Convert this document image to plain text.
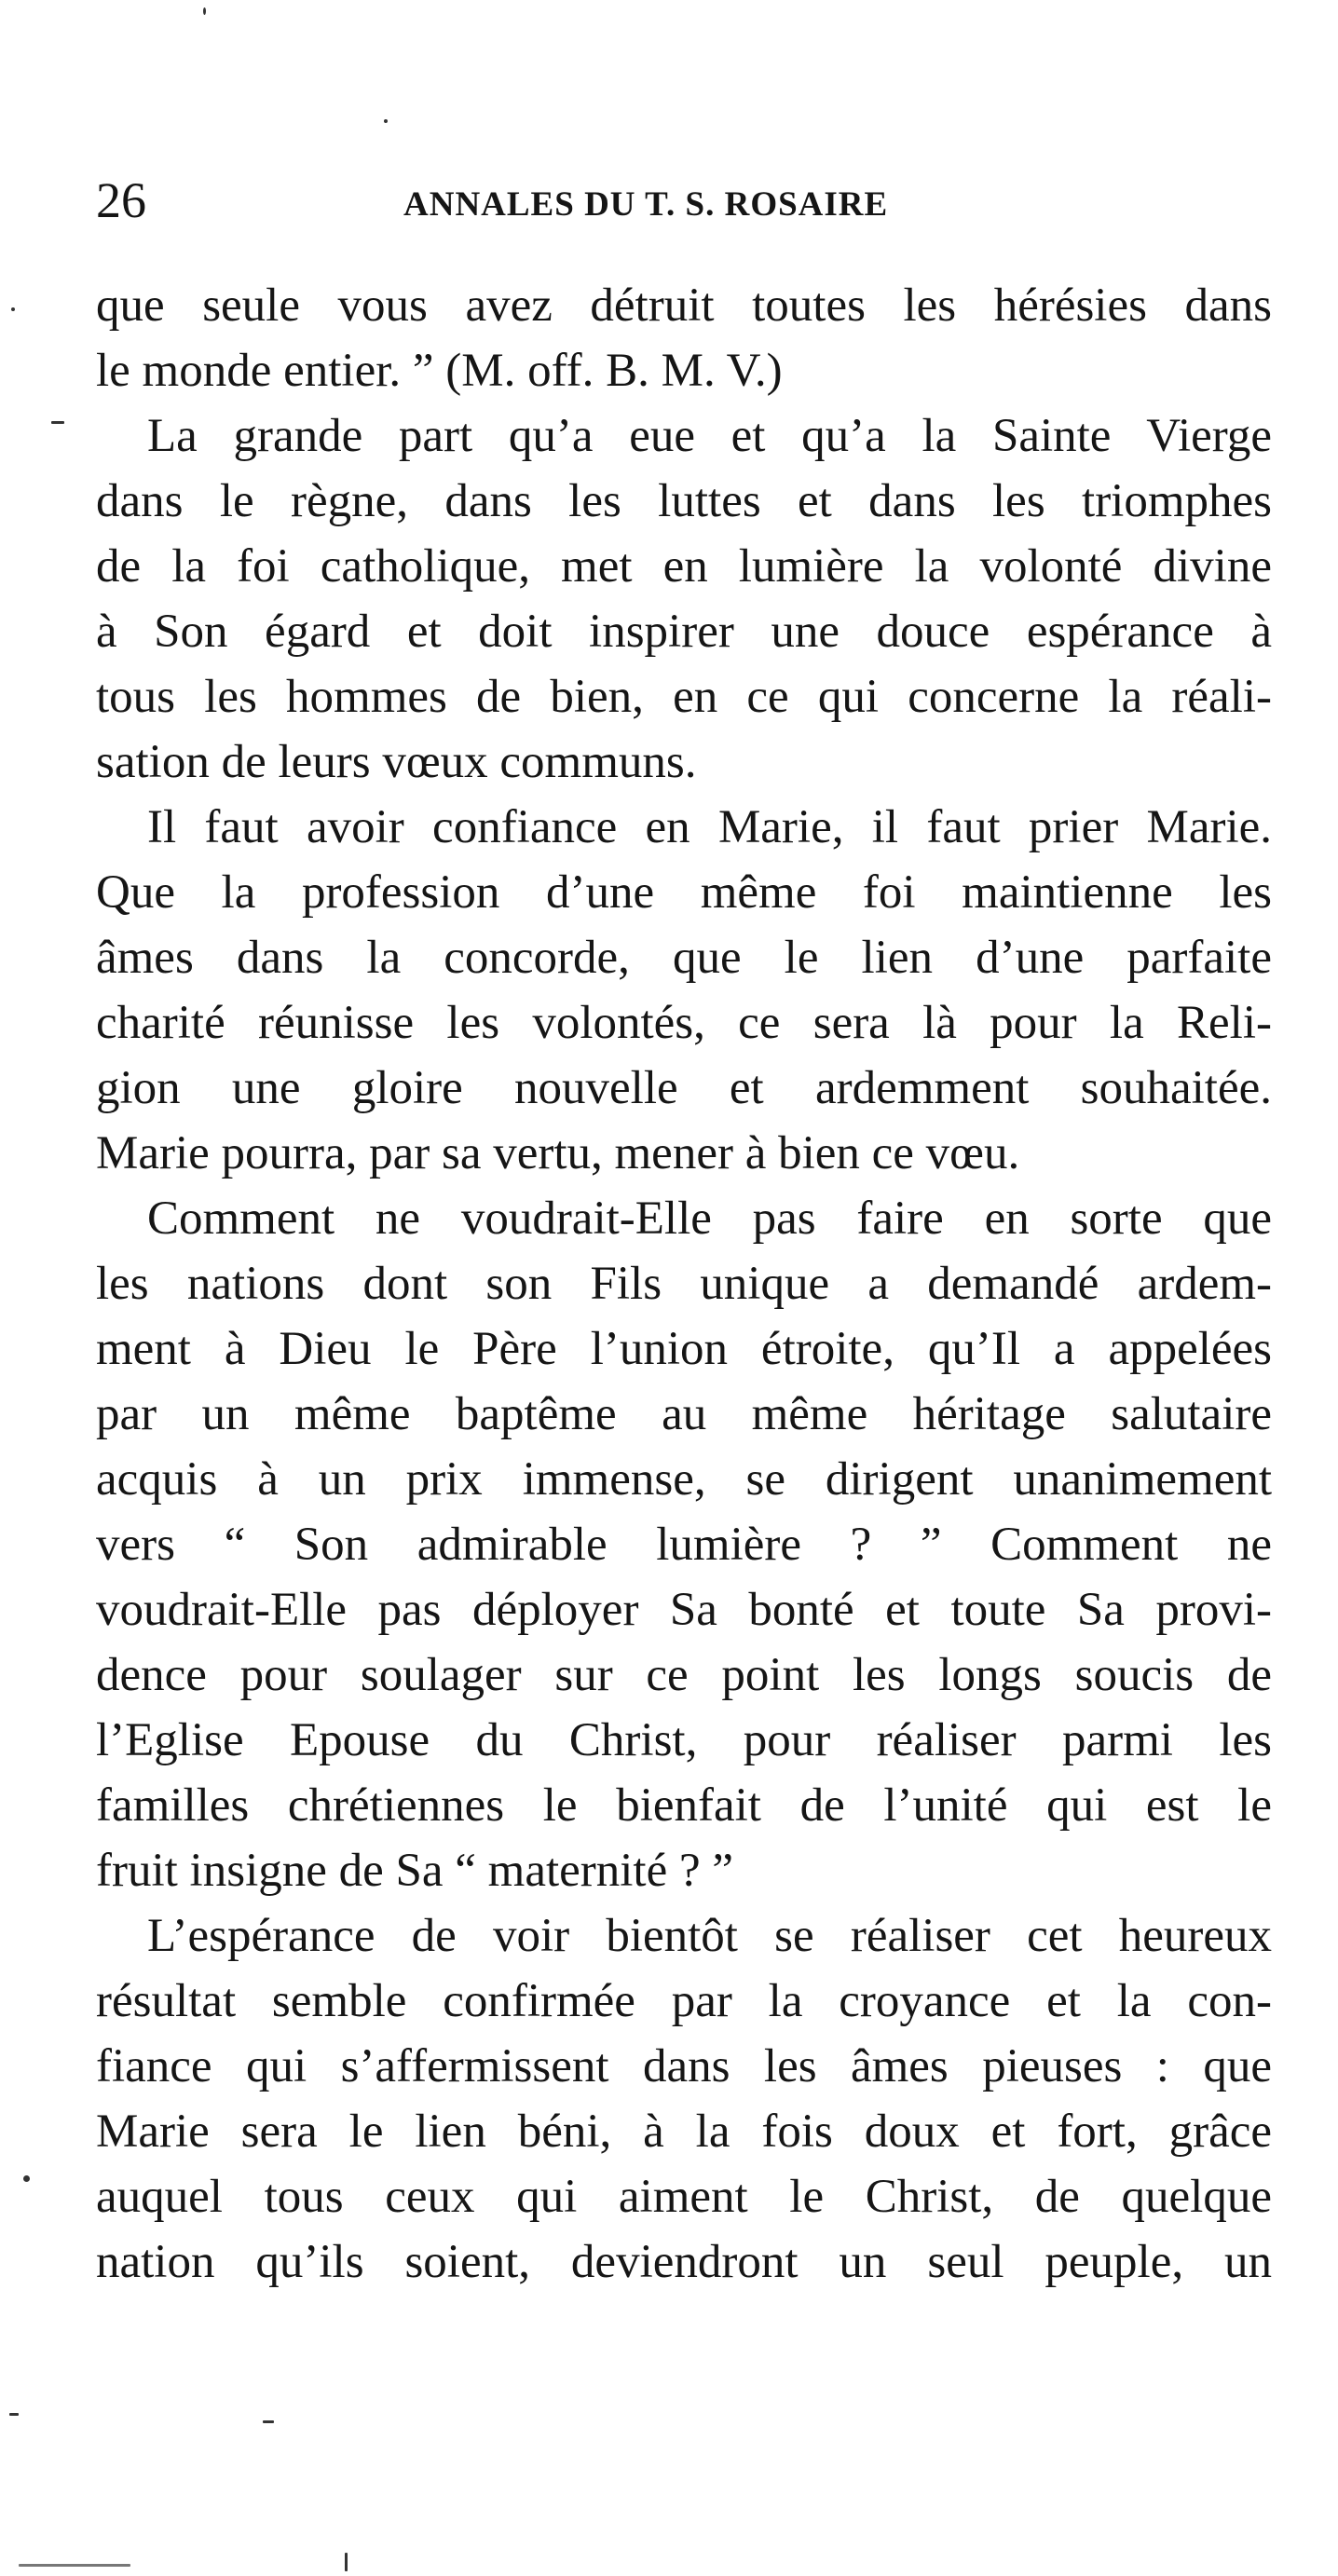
26	ANNALES DU T. S. ROSAIRE
que seule vous avez détruit toutes les hérésies dans
le monde entier. ” (M. off. B. M. V.)
La grande part qu’a eue et qu’a la Sainte Vierge
dans le règne, dans les luttes et dans les triomphes
de la foi catholique, met en lumière la volonté divine
à Son égard et doit inspirer une douce espérance à
tous les hommes de bien, en ce qui concerne la réali-
sation de leurs vœux communs.
Il faut avoir confiance en Marie, il faut prier Marie.
Que la profession d’une même foi maintienne les
âmes dans la concorde, que le lien d’une parfaite
charité réunisse les volontés, ce sera là pour la Reli-
gion une gloire nouvelle et ardemment souhaitée.
Marie pourra, par sa vertu, mener à bien ce vœu.
Comment ne voudrait-Elle pas faire en sorte que
les nations dont son Fils unique a demandé ardem-
ment à Dieu le Père l’union étroite, qu’Il a appelées
par un même baptême au même héritage salutaire
acquis à un prix immense, se dirigent unanimement
vers “ Son admirable lumière ? ” Comment ne
voudrait-Elle pas déployer Sa bonté et toute Sa provi-
dence pour soulager sur ce point les longs soucis de
l’Eglise Epouse du Christ, pour réaliser parmi les
familles chrétiennes le bienfait de l’unité qui est le
fruit insigne de Sa “ maternité ? ”
L’espérance de voir bientôt se réaliser cet heureux
résultat semble confirmée par la croyance et la con-
fiance qui s’affermissent dans les âmes pieuses : que
Marie sera le lien béni, à la fois doux et fort, grâce
auquel tous ceux qui aiment le Christ, de quelque
nation qu’ils soient, deviendront un seul peuple, un
